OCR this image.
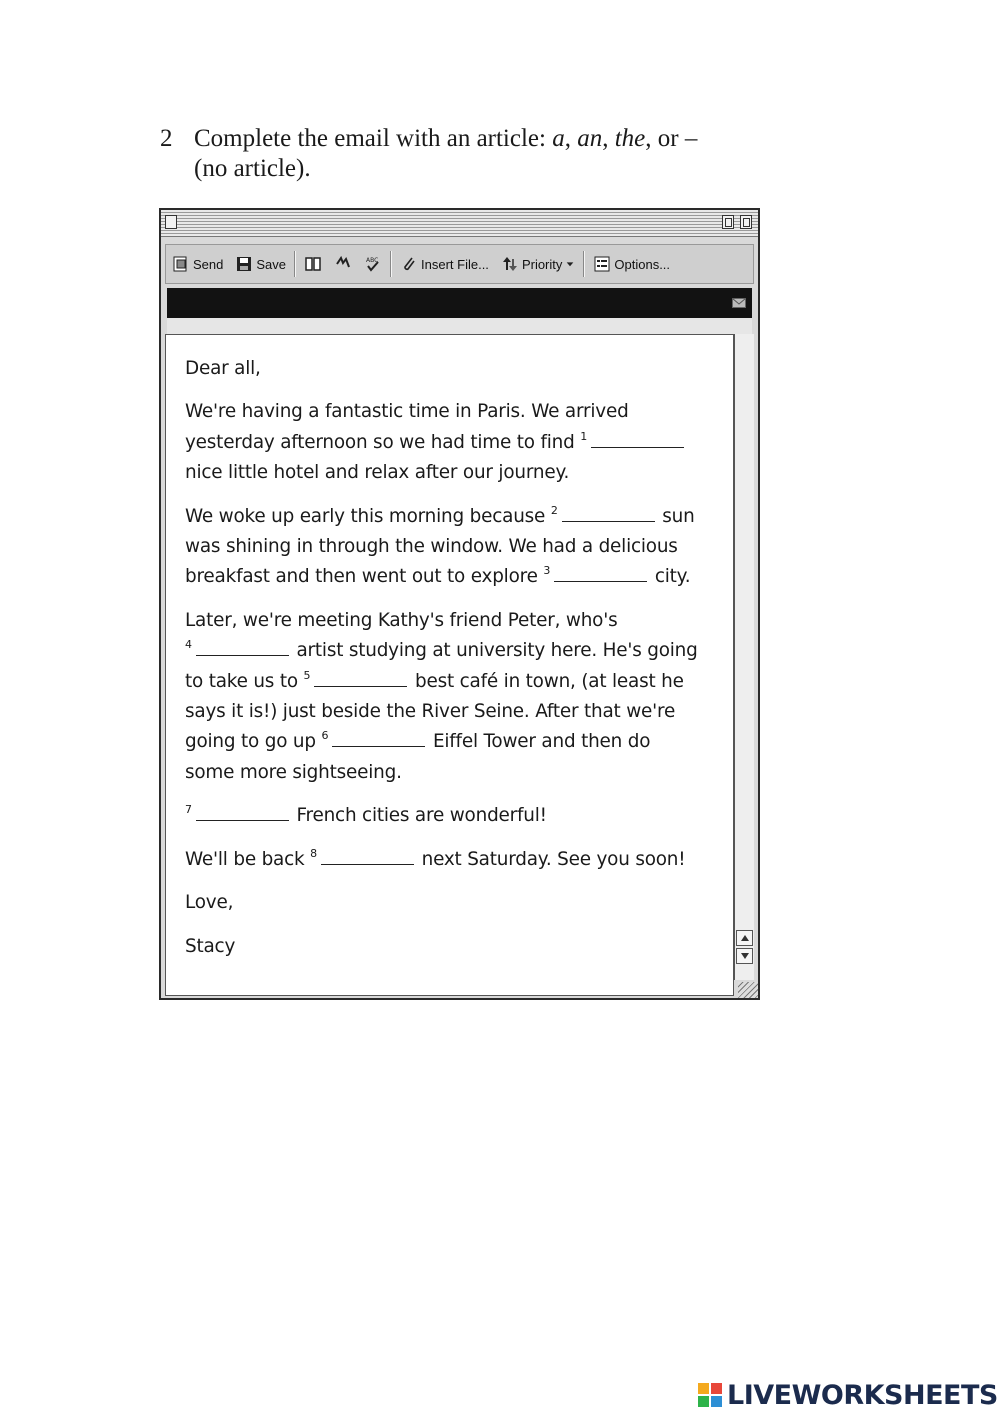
2 Complete the email with an article: a, an, the, or –
(no article).
Send	Save	ABC	Insert File...	Priority	Options...

Dear all,

We're having a fantastic time in Paris. We arrived
yesterday afternoon so we had time to find $^1$
nice little hotel and relax after our journey.

We woke up early this morning because $^2$	sun
was shining in through the window. We had a delicious
breakfast and then went out to explore $^3$	city.

Later, we're meeting Kathy's friend Peter, who's
$^4$	artist studying at university here. He's going
to take us to $^5$	best café in town, (at least he
says it is!) just beside the River Seine. After that we're
going to go up $^6$	Eiffel Tower and then do
some more sightseeing.

$^7$	French cities are wonderful!

We'll be back $^8$	next Saturday. See you soon!

Love,

Stacy

LIVEWORKSHEETS
